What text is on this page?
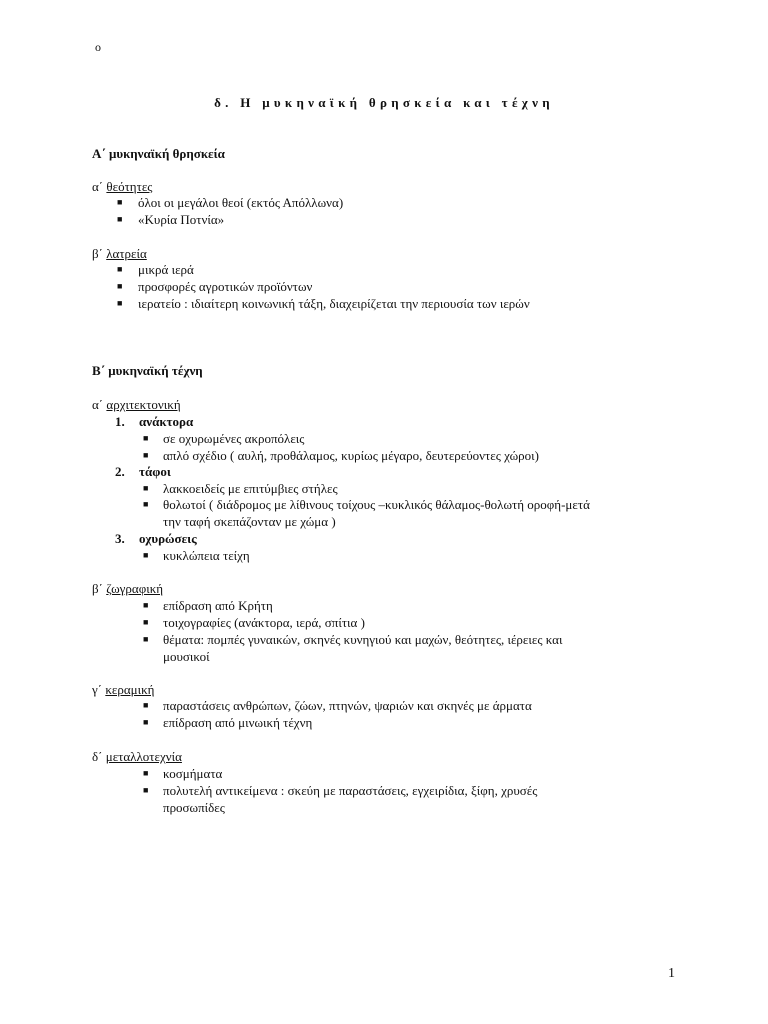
o
δ. Η μυκηναϊκή θρησκεία και τέχνη
Α΄ μυκηναϊκή θρησκεία
α΄ θεότητες
■ όλοι οι μεγάλοι θεοί (εκτός Απόλλωνα)
■ «Κυρία Ποτνία»
β΄ λατρεία
■ μικρά ιερά
■ προσφορές αγροτικών προϊόντων
■ ιερατείο : ιδιαίτερη κοινωνική τάξη, διαχειρίζεται την περιουσία των ιερών
Β΄ μυκηναϊκή τέχνη
α΄ αρχιτεκτονική
1. ανάκτορα
■ σε οχυρωμένες ακροπόλεις
■ απλό σχέδιο ( αυλή, προθάλαμος, κυρίως μέγαρο, δευτερεύοντες χώροι)
2. τάφοι
■ λακκοειδείς με επιτύμβιες στήλες
■ θολωτοί ( διάδρομος με λίθινους τοίχους –κυκλικός θάλαμος-θολωτή οροφή-μετά
την ταφή σκεπάζονταν με χώμα )
3. οχυρώσεις
■ κυκλώπεια τείχη
β΄ ζωγραφική
■ επίδραση από Κρήτη
■ τοιχογραφίες (ανάκτορα, ιερά, σπίτια )
■ θέματα: πομπές γυναικών, σκηνές κυνηγιού και μαχών, θεότητες, ιέρειες και
μουσικοί
γ΄ κεραμική
■ παραστάσεις ανθρώπων, ζώων, πτηνών, ψαριών και σκηνές με άρματα
■ επίδραση από μινωική τέχνη
δ΄ μεταλλοτεχνία
■ κοσμήματα
■ πολυτελή αντικείμενα : σκεύη με παραστάσεις, εγχειρίδια, ξίφη, χρυσές
προσωπίδες
1
